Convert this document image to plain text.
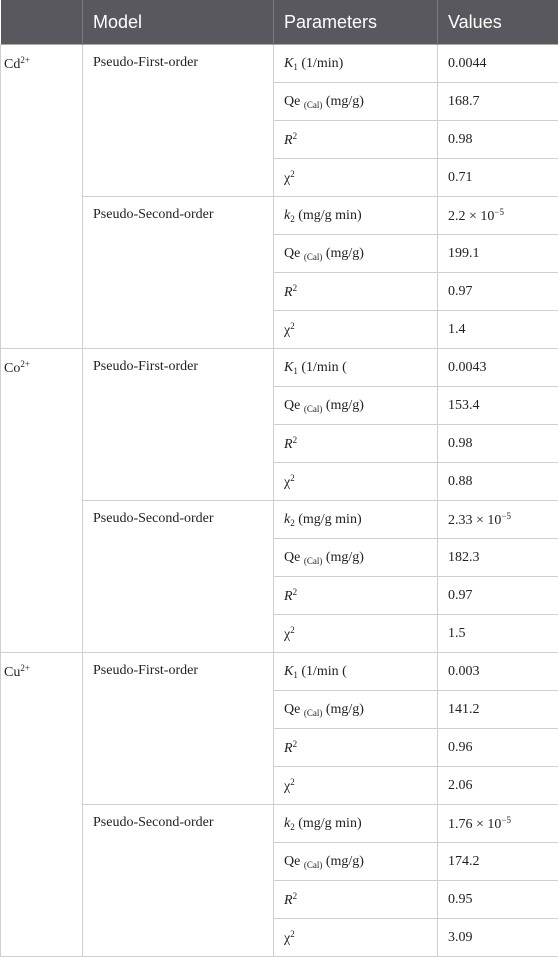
	Model	Parameters	Values
$Cd^{2+}$	Pseudo-First-order	$K_1$ (1/min)	0.0044
		Qe $_{(Cal)}$ (mg/g)	168.7
		$R^2$	0.98
		$\chi^2$	0.71
	Pseudo-Second-order	$k_2$ (mg/g min)	$2.2 \times 10^{-5}$
		Qe $_{(Cal)}$ (mg/g)	199.1
		$R^2$	0.97
		$\chi^2$	1.4
$Co^{2+}$	Pseudo-First-order	$K_1$ (1/min (	0.0043
		Qe $_{(Cal)}$ (mg/g)	153.4
		$R^2$	0.98
		$\chi^2$	0.88
	Pseudo-Second-order	$k_2$ (mg/g min)	$2.33 \times 10^{-5}$
		Qe $_{(Cal)}$ (mg/g)	182.3
		$R^2$	0.97
		$\chi^2$	1.5
$Cu^{2+}$	Pseudo-First-order	$K_1$ (1/min (	0.003
		Qe $_{(Cal)}$ (mg/g)	141.2
		$R^2$	0.96
		$\chi^2$	2.06
	Pseudo-Second-order	$k_2$ (mg/g min)	$1.76 \times 10^{-5}$
		Qe $_{(Cal)}$ (mg/g)	174.2
		$R^2$	0.95
		$\chi^2$	3.09
